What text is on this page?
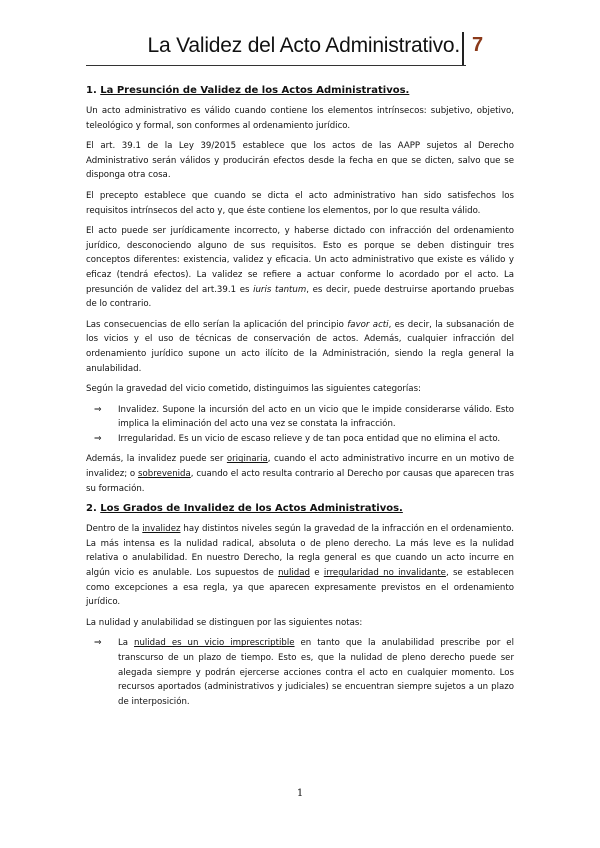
La Validez del Acto Administrativo. 7
1. La Presunción de Validez de los Actos Administrativos.

Un acto administrativo es válido cuando contiene los elementos intrínsecos: subjetivo, objetivo, teleológico y formal, son conformes al ordenamiento jurídico.

El art. 39.1 de la Ley 39/2015 establece que los actos de las AAPP sujetos al Derecho Administrativo serán válidos y producirán efectos desde la fecha en que se dicten, salvo que se disponga otra cosa.

El precepto establece que cuando se dicta el acto administrativo han sido satisfechos los requisitos intrínsecos del acto y, que éste contiene los elementos, por lo que resulta válido.

El acto puede ser jurídicamente incorrecto, y haberse dictado con infracción del ordenamiento jurídico, desconociendo alguno de sus requisitos. Esto es porque se deben distinguir tres conceptos diferentes: existencia, validez y eficacia. Un acto administrativo que existe es válido y eficaz (tendrá efectos). La validez se refiere a actuar conforme lo acordado por el acto. La presunción de validez del art.39.1 es iuris tantum, es decir, puede destruirse aportando pruebas de lo contrario.

Las consecuencias de ello serían la aplicación del principio favor acti, es decir, la subsanación de los vicios y el uso de técnicas de conservación de actos. Además, cualquier infracción del ordenamiento jurídico supone un acto ilícito de la Administración, siendo la regla general la anulabilidad.

Según la gravedad del vicio cometido, distinguimos las siguientes categorías:

⇒ Invalidez. Supone la incursión del acto en un vicio que le impide considerarse válido. Esto implica la eliminación del acto una vez se constata la infracción.
⇒ Irregularidad. Es un vicio de escaso relieve y de tan poca entidad que no elimina el acto.

Además, la invalidez puede ser originaria, cuando el acto administrativo incurre en un motivo de invalidez; o sobrevenida, cuando el acto resulta contrario al Derecho por causas que aparecen tras su formación.

2. Los Grados de Invalidez de los Actos Administrativos.

Dentro de la invalidez hay distintos niveles según la gravedad de la infracción en el ordenamiento. La más intensa es la nulidad radical, absoluta o de pleno derecho. La más leve es la nulidad relativa o anulabilidad. En nuestro Derecho, la regla general es que cuando un acto incurre en algún vicio es anulable. Los supuestos de nulidad e irregularidad no invalidante, se establecen como excepciones a esa regla, ya que aparecen expresamente previstos en el ordenamiento jurídico.

La nulidad y anulabilidad se distinguen por las siguientes notas:

⇒ La nulidad es un vicio imprescriptible en tanto que la anulabilidad prescribe por el transcurso de un plazo de tiempo. Esto es, que la nulidad de pleno derecho puede ser alegada siempre y podrán ejercerse acciones contra el acto en cualquier momento. Los recursos aportados (administrativos y judiciales) se encuentran siempre sujetos a un plazo de interposición.
1
